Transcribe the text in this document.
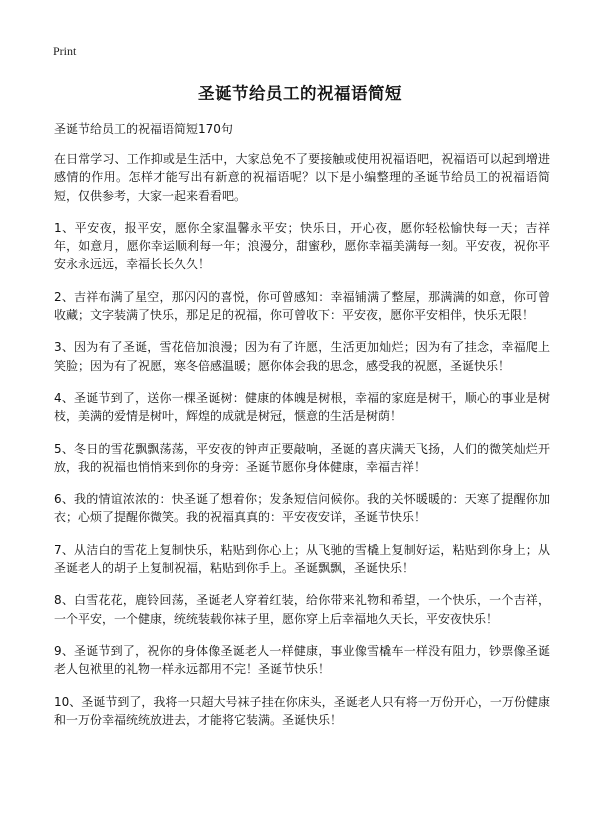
Print
圣诞节给员工的祝福语简短

圣诞节给员工的祝福语简短170句

在日常学习、工作抑或是生活中，大家总免不了要接触或使用祝福语吧，祝福语可以起到增进感情的作用。怎样才能写出有新意的祝福语呢？以下是小编整理的圣诞节给员工的祝福语简短，仅供参考，大家一起来看看吧。

1、平安夜，报平安，愿你全家温馨永平安；快乐日，开心夜，愿你轻松愉快每一天；吉祥年，如意月，愿你幸运顺利每一年；浪漫分，甜蜜秒，愿你幸福美满每一刻。平安夜，祝你平安永永远远，幸福长长久久！

2、吉祥布满了星空，那闪闪的喜悦，你可曾感知：幸福铺满了整屋，那满满的如意，你可曾收藏；文字装满了快乐，那足足的祝福，你可曾收下：平安夜，愿你平安相伴，快乐无限！

3、因为有了圣诞，雪花倍加浪漫；因为有了许愿，生活更加灿烂；因为有了挂念，幸福爬上笑脸；因为有了祝愿，寒冬倍感温暖；愿你体会我的思念，感受我的祝愿，圣诞快乐！

4、圣诞节到了，送你一棵圣诞树：健康的体魄是树根，幸福的家庭是树干，顺心的事业是树枝，美满的爱情是树叶，辉煌的成就是树冠，惬意的生活是树荫！

5、冬日的雪花飘飘荡荡，平安夜的钟声正要敲响，圣诞的喜庆满天飞扬，人们的微笑灿烂开放，我的祝福也悄悄来到你的身旁：圣诞节愿你身体健康，幸福吉祥！

6、我的情谊浓浓的：快圣诞了想着你；发条短信问候你。我的关怀暖暖的：天寒了提醒你加衣；心烦了提醒你微笑。我的祝福真真的：平安夜安详，圣诞节快乐！

7、从洁白的雪花上复制快乐，粘贴到你心上；从飞驰的雪橇上复制好运，粘贴到你身上；从圣诞老人的胡子上复制祝福，粘贴到你手上。圣诞飘飘，圣诞快乐！

8、白雪花花，鹿铃回荡，圣诞老人穿着红装，给你带来礼物和希望，一个快乐，一个吉祥，一个平安，一个健康，统统装载你袜子里，愿你穿上后幸福地久天长，平安夜快乐！

9、圣诞节到了，祝你的身体像圣诞老人一样健康，事业像雪橇车一样没有阻力，钞票像圣诞老人包袱里的礼物一样永远都用不完！圣诞节快乐！

10、圣诞节到了，我将一只超大号袜子挂在你床头，圣诞老人只有将一万份开心，一万份健康和一万份幸福统统放进去，才能将它装满。圣诞快乐！
